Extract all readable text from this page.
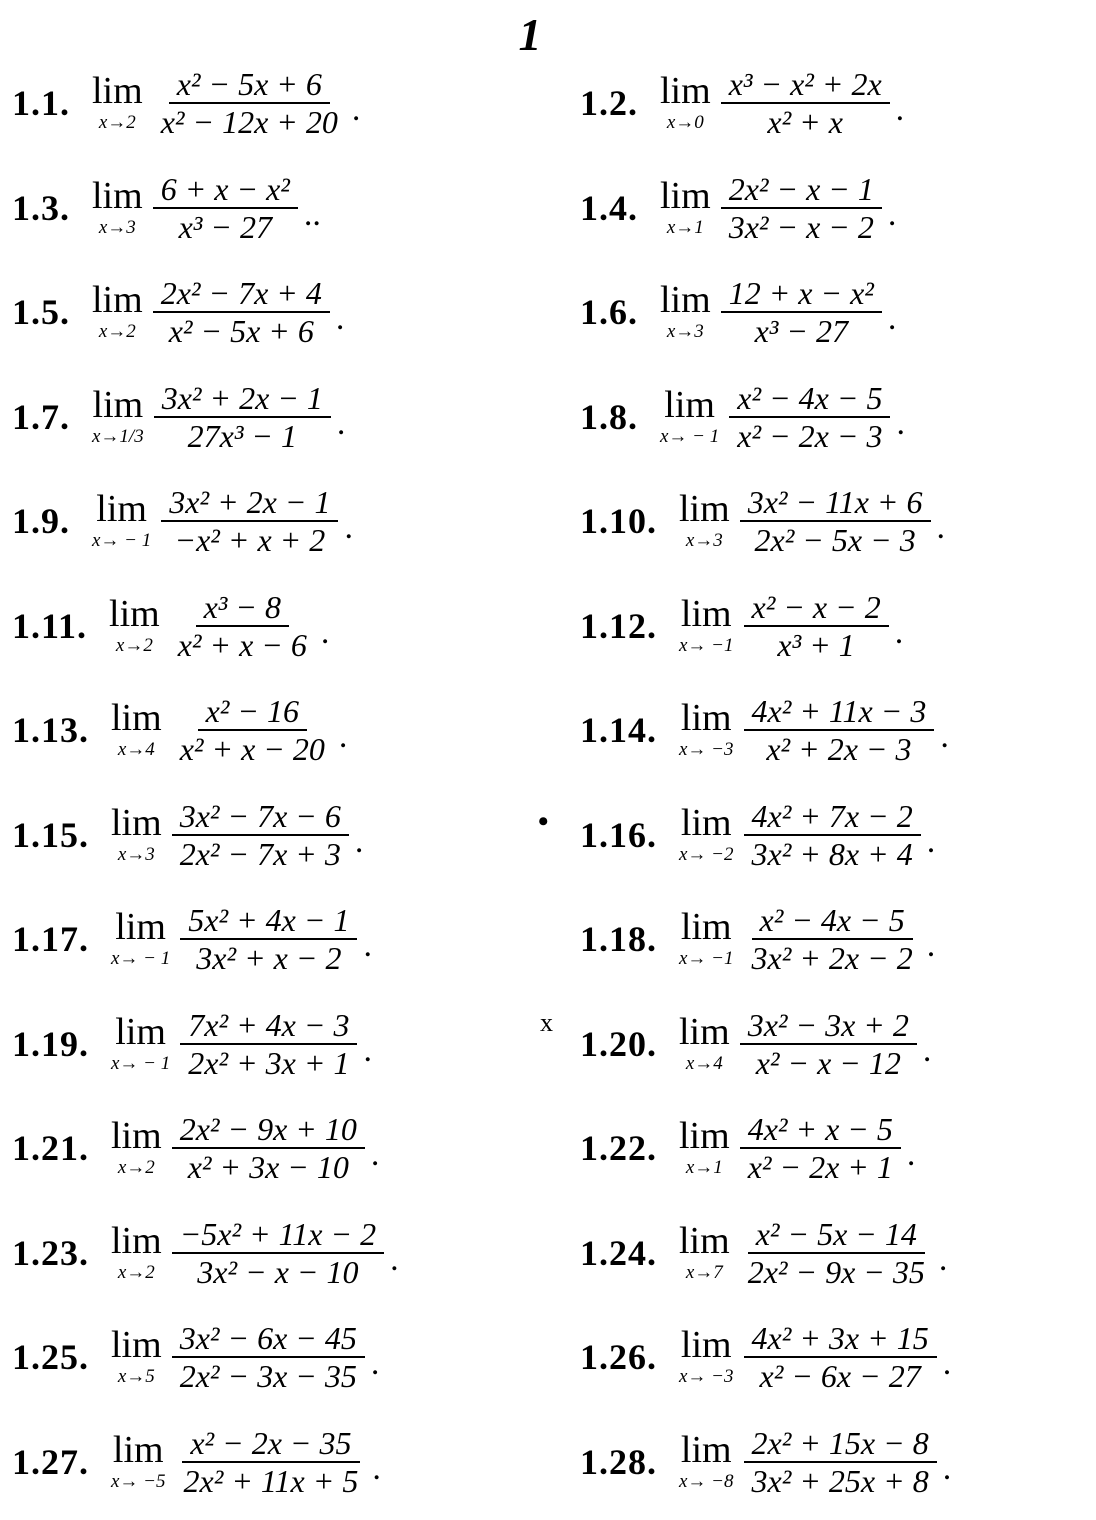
1
1.1. lim
$x\to 2 \frac{\text{x² − 5x + 6}}{\text{x² − 12x + 20}}$ .	1.2. lim
$x\to 0 \frac{\text{x³ − x² + 2x}}{\text{x² + x}}$ .
1.3. lim
$x\to 3 \frac{\text{6 + x − x²}}{\text{x³ − 27}}$ ..	1.4. lim
$x\to 1 \frac{\text{2x² − x − 1}}{\text{3x² − x − 2}}$ .
1.5. lim
$x\to 2 \frac{\text{2x² − 7x + 4}}{\text{x² − 5x + 6}}$ .	1.6. lim
$x\to 3 \frac{\text{12 + x − x²}}{\text{x³ − 27}}$ .
1.7. lim
$x\to 1/3 \frac{\text{3x² + 2x − 1}}{\text{27x³ − 1}}$ .	1.8. lim
$x\to - 1 \frac{\text{x² − 4x − 5}}{\text{x² − 2x − 3}}$ .
1.9. lim
$x\to - 1 \frac{\text{3x² + 2x − 1}}{\text{−x² + x + 2}}$ .	1.10. lim
$x\to 3 \frac{\text{3x² − 11x + 6}}{\text{2x² − 5x − 3}}$ .
1.11. lim
$x\to 2 \frac{\text{x³ − 8}}{\text{x² + x − 6}}$ .	1.12. lim
$x\to -1 \frac{\text{x² − x − 2}}{\text{x³ + 1}}$ .
1.13. lim
$x\to 4 \frac{\text{x² − 16}}{\text{x² + x − 20}}$ .	1.14. lim
$x\to -3 \frac{\text{4x² + 11x − 3}}{\text{x² + 2x − 3}}$ .
1.15. lim
$x\to 3 \frac{\text{3x² − 7x − 6}}{\text{2x² − 7x + 3}}$ .	1.16. lim
$x\to -2 \frac{\text{4x² + 7x − 2}}{\text{3x² + 8x + 4}}$ .
1.17. lim
$x\to - 1 \frac{\text{5x² + 4x − 1}}{\text{3x² + x − 2}}$ .	1.18. lim
$x\to -1 \frac{\text{x² − 4x − 5}}{\text{3x² + 2x − 2}}$ .
1.19. lim
$x\to - 1 \frac{\text{7x² + 4x − 3}}{\text{2x² + 3x + 1}}$ .	1.20. lim
$x\to 4 \frac{\text{3x² − 3x + 2}}{\text{x² − x − 12}}$ .
1.21. lim
$x\to 2 \frac{\text{2x² − 9x + 10}}{\text{x² + 3x − 10}}$ .	1.22. lim
$x\to 1 \frac{\text{4x² + x − 5}}{\text{x² − 2x + 1}}$ .
1.23. lim
$x\to 2 \frac{\text{−5x² + 11x − 2}}{\text{3x² − x − 10}}$ .	1.24. lim
$x\to 7 \frac{\text{x² − 5x − 14}}{\text{2x² − 9x − 35}}$ .
1.25. lim
$x\to 5 \frac{\text{3x² − 6x − 45}}{\text{2x² − 3x − 35}}$ .	1.26. lim
$x\to -3 \frac{\text{4x² + 3x + 15}}{\text{x² − 6x − 27}}$ .
1.27. lim
$x\to -5 \frac{\text{x² − 2x − 35}}{\text{2x² + 11x + 5}}$ .	1.28. lim
$x\to -8 \frac{\text{2x² + 15x − 8}}{\text{3x² + 25x + 8}}$ .
•
x
